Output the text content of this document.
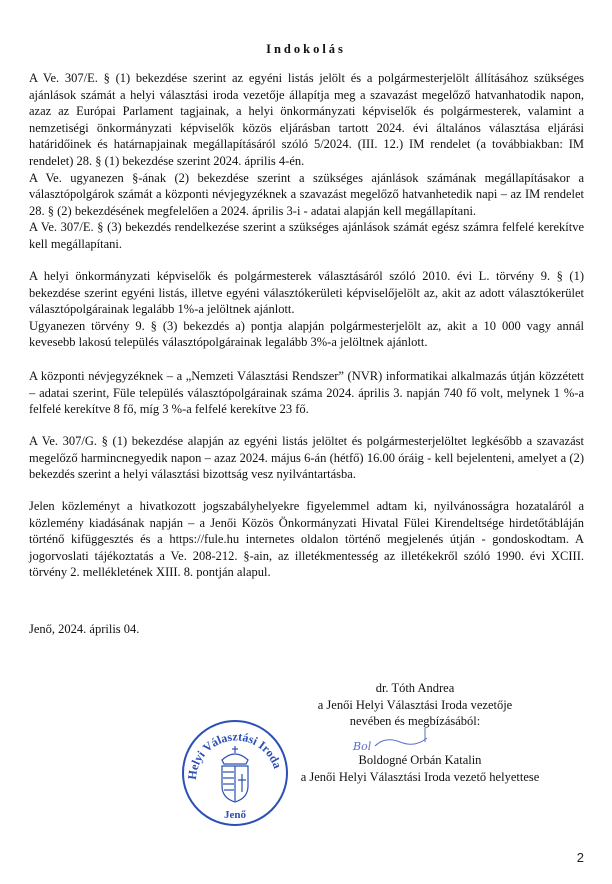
Indokolás

A Ve. 307/E. § (1) bekezdése szerint az egyéni listás jelölt és a polgármesterjelölt állításához szükséges ajánlások számát a helyi választási iroda vezetője állapítja meg a szavazást megelőző hatvanhatodik napon, azaz az Európai Parlament tagjainak, a helyi önkormányzati képviselők és polgármesterek, valamint a nemzetiségi önkormányzati képviselők közös eljárásban tartott 2024. évi általános választása eljárási határidőinek és határnapjainak megállapításáról szóló 5/2024. (III. 12.) IM rendelet (a továbbiakban: IM rendelet) 28. § (1) bekezdése szerint 2024. április 4-én.

A Ve. ugyanezen §-ának (2) bekezdése szerint a szükséges ajánlások számának megállapításakor a választópolgárok számát a központi névjegyzéknek a szavazást megelőző hatvanhetedik napi – az IM rendelet 28. § (2) bekezdésének megfelelően a 2024. április 3-i - adatai alapján kell megállapítani.

A Ve. 307/E. § (3) bekezdés rendelkezése szerint a szükséges ajánlások számát egész számra felfelé kerekítve kell megállapítani.

A helyi önkormányzati képviselők és polgármesterek választásáról szóló 2010. évi L. törvény 9. § (1) bekezdése szerint egyéni listás, illetve egyéni választókerületi képviselőjelölt az, akit az adott választókerület választópolgárainak legalább 1%-a jelöltnek ajánlott.

Ugyanezen törvény 9. § (3) bekezdés a) pontja alapján polgármesterjelölt az, akit a 10 000 vagy annál kevesebb lakosú település választópolgárainak legalább 3%-a jelöltnek ajánlott.

A központi névjegyzéknek – a „Nemzeti Választási Rendszer” (NVR) informatikai alkalmazás útján közzétett – adatai szerint, Füle település választópolgárainak száma 2024. április 3. napján 740 fő volt, melynek 1 %-a felfelé kerekítve 8 fő, míg 3 %-a felfelé kerekítve 23 fő.

A Ve. 307/G. § (1) bekezdése alapján az egyéni listás jelöltet és polgármesterjelöltet legkésőbb a szavazást megelőző harmincnegyedik napon – azaz 2024. május 6-án (hétfő) 16.00 óráig - kell bejelenteni, amelyet a (2) bekezdés szerint a helyi választási bizottság vesz nyilvántartásba.

Jelen közleményt a hivatkozott jogszabályhelyekre figyelemmel adtam ki, nyilvánosságra hozataláról a közlemény kiadásának napján – a Jenői Közös Önkormányzati Hivatal Fülei Kirendeltsége hirdetőtábláján történő kifüggesztés és a https://fule.hu internetes oldalon történő megjelenés útján - gondoskodtam. A jogorvoslati tájékoztatás a Ve. 208-212. §-ain, az illetékmentesség az illetékekről szóló 1990. évi XCIII. törvény 2. mellékletének XIII. 8. pontján alapul.

Jenő, 2024. április 04.
dr. Tóth Andrea
a Jenői Helyi Választási Iroda vezetője
nevében és megbízásából:
Helyi Választási Iroda
Jenő
Bol
Boldogné Orbán Katalin
a Jenői Helyi Választási Iroda vezető helyettese
2
